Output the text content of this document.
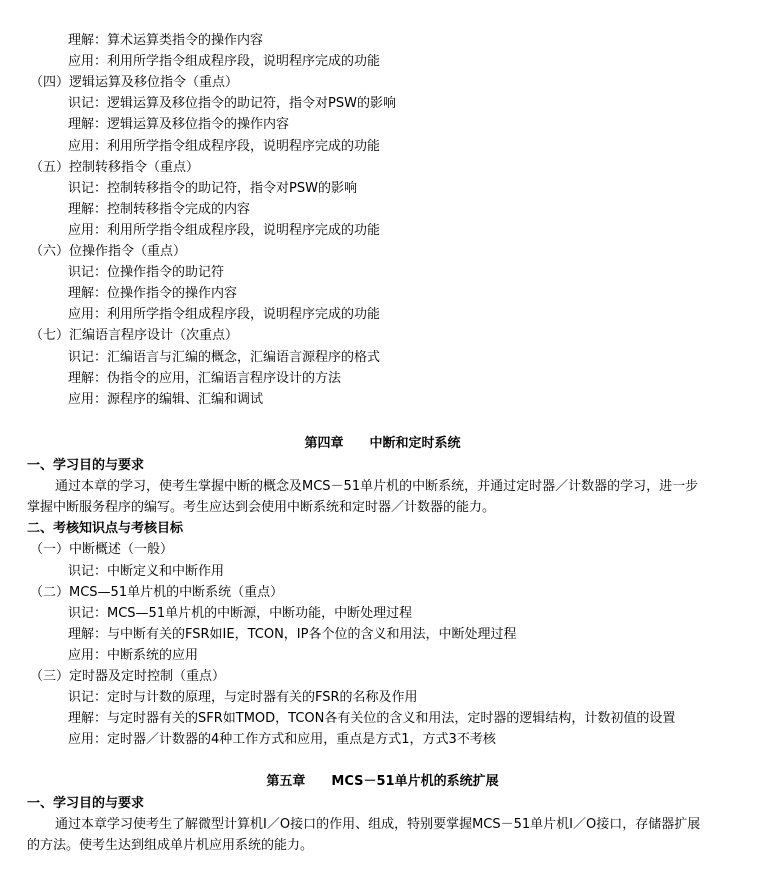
理解：算术运算类指令的操作内容
应用：利用所学指令组成程序段，说明程序完成的功能
（四）逻辑运算及移位指令（重点）
识记：逻辑运算及移位指令的助记符，指令对PSW的影响
理解：逻辑运算及移位指令的操作内容
应用：利用所学指令组成程序段，说明程序完成的功能
（五）控制转移指令（重点）
识记：控制转移指令的助记符，指令对PSW的影响
理解：控制转移指令完成的内容
应用：利用所学指令组成程序段，说明程序完成的功能
（六）位操作指令（重点）
识记：位操作指令的助记符
理解：位操作指令的操作内容
应用：利用所学指令组成程序段，说明程序完成的功能
（七）汇编语言程序设计（次重点）
识记：汇编语言与汇编的概念，汇编语言源程序的格式
理解：伪指令的应用，汇编语言程序设计的方法
应用：源程序的编辑、汇编和调试
第四章　　中断和定时系统
一、学习目的与要求
通过本章的学习，使考生掌握中断的概念及MCS－51单片机的中断系统，并通过定时器／计数器的学习，进一步
掌握中断服务程序的编写。考生应达到会使用中断系统和定时器／计数器的能力。
二、考核知识点与考核目标
（一）中断概述（一般）
识记：中断定义和中断作用
（二）MCS—51单片机的中断系统（重点）
识记：MCS—51单片机的中断源，中断功能，中断处理过程
理解：与中断有关的FSR如IE，TCON，IP各个位的含义和用法，中断处理过程
应用：中断系统的应用
（三）定时器及定时控制（重点）
识记：定时与计数的原理，与定时器有关的FSR的名称及作用
理解：与定时器有关的SFR如TMOD，TCON各有关位的含义和用法，定时器的逻辑结构，计数初值的设置
应用：定时器／计数器的4种工作方式和应用，重点是方式1，方式3不考核
第五章　　MCS－51单片机的系统扩展
一、学习目的与要求
通过本章学习使考生了解微型计算机I／O接口的作用、组成，特别要掌握MCS－51单片机I／O接口，存储器扩展
的方法。使考生达到组成单片机应用系统的能力。
